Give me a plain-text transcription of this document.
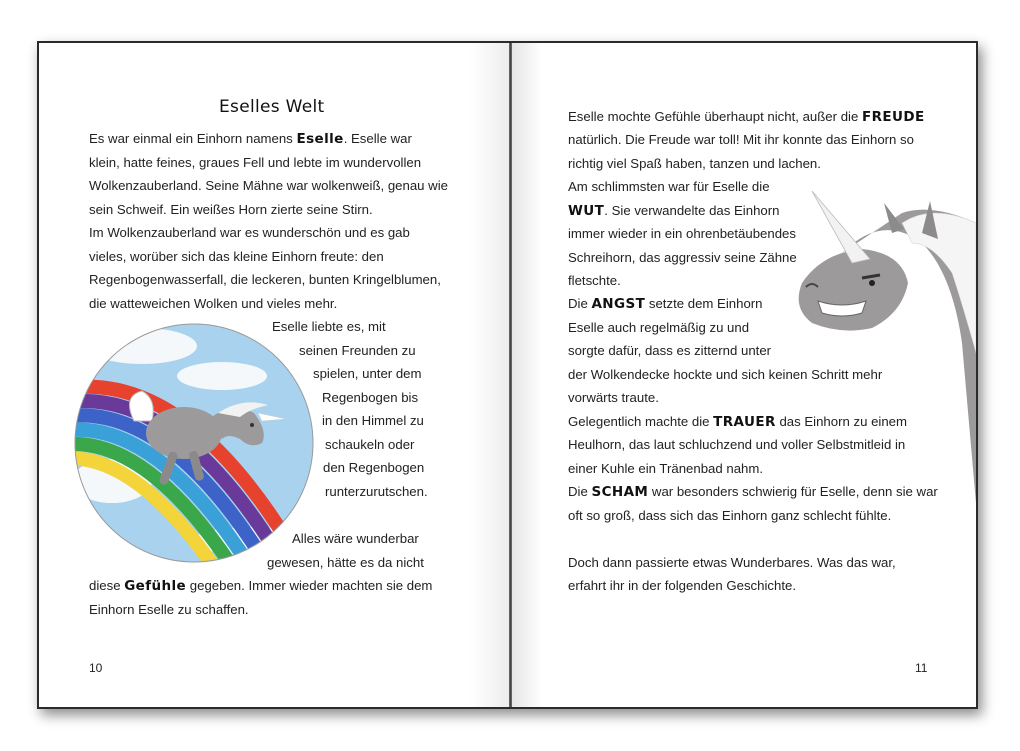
Eselles Welt
Es war einmal ein Einhorn namens Eselle. Eselle war
klein, hatte feines, graues Fell und lebte im wundervollen
Wolkenzauberland. Seine Mähne war wolkenweiß, genau wie
sein Schweif. Ein weißes Horn zierte seine Stirn.
Im Wolkenzauberland war es wunderschön und es gab
vieles, worüber sich das kleine Einhorn freute: den
Regenbogenwasserfall, die leckeren, bunten Kringelblumen,
die watteweichen Wolken und vieles mehr.
Eselle liebte es, mit
seinen Freunden zu
spielen, unter dem
Regenbogen bis
in den Himmel zu
schaukeln oder
den Regenbogen
runterzurutschen.
Alles wäre wunderbar
gewesen, hätte es da nicht
diese Gefühle gegeben. Immer wieder machten sie dem
Einhorn Eselle zu schaffen.
10
Eselle mochte Gefühle überhaupt nicht, außer die FREUDE
natürlich. Die Freude war toll! Mit ihr konnte das Einhorn so
richtig viel Spaß haben, tanzen und lachen.
Am schlimmsten war für Eselle die
WUT. Sie verwandelte das Einhorn
immer wieder in ein ohrenbetäubendes
Schreihorn, das aggressiv seine Zähne
fletschte.
Die ANGST setzte dem Einhorn
Eselle auch regelmäßig zu und
sorgte dafür, dass es zitternd unter
der Wolkendecke hockte und sich keinen Schritt mehr
vorwärts traute.
Gelegentlich machte die TRAUER das Einhorn zu einem
Heulhorn, das laut schluchzend und voller Selbstmitleid in
einer Kuhle ein Tränenbad nahm.
Die SCHAM war besonders schwierig für Eselle, denn sie war
oft so groß, dass sich das Einhorn ganz schlecht fühlte.
Doch dann passierte etwas Wunderbares. Was das war,
erfahrt ihr in der folgenden Geschichte.
11
